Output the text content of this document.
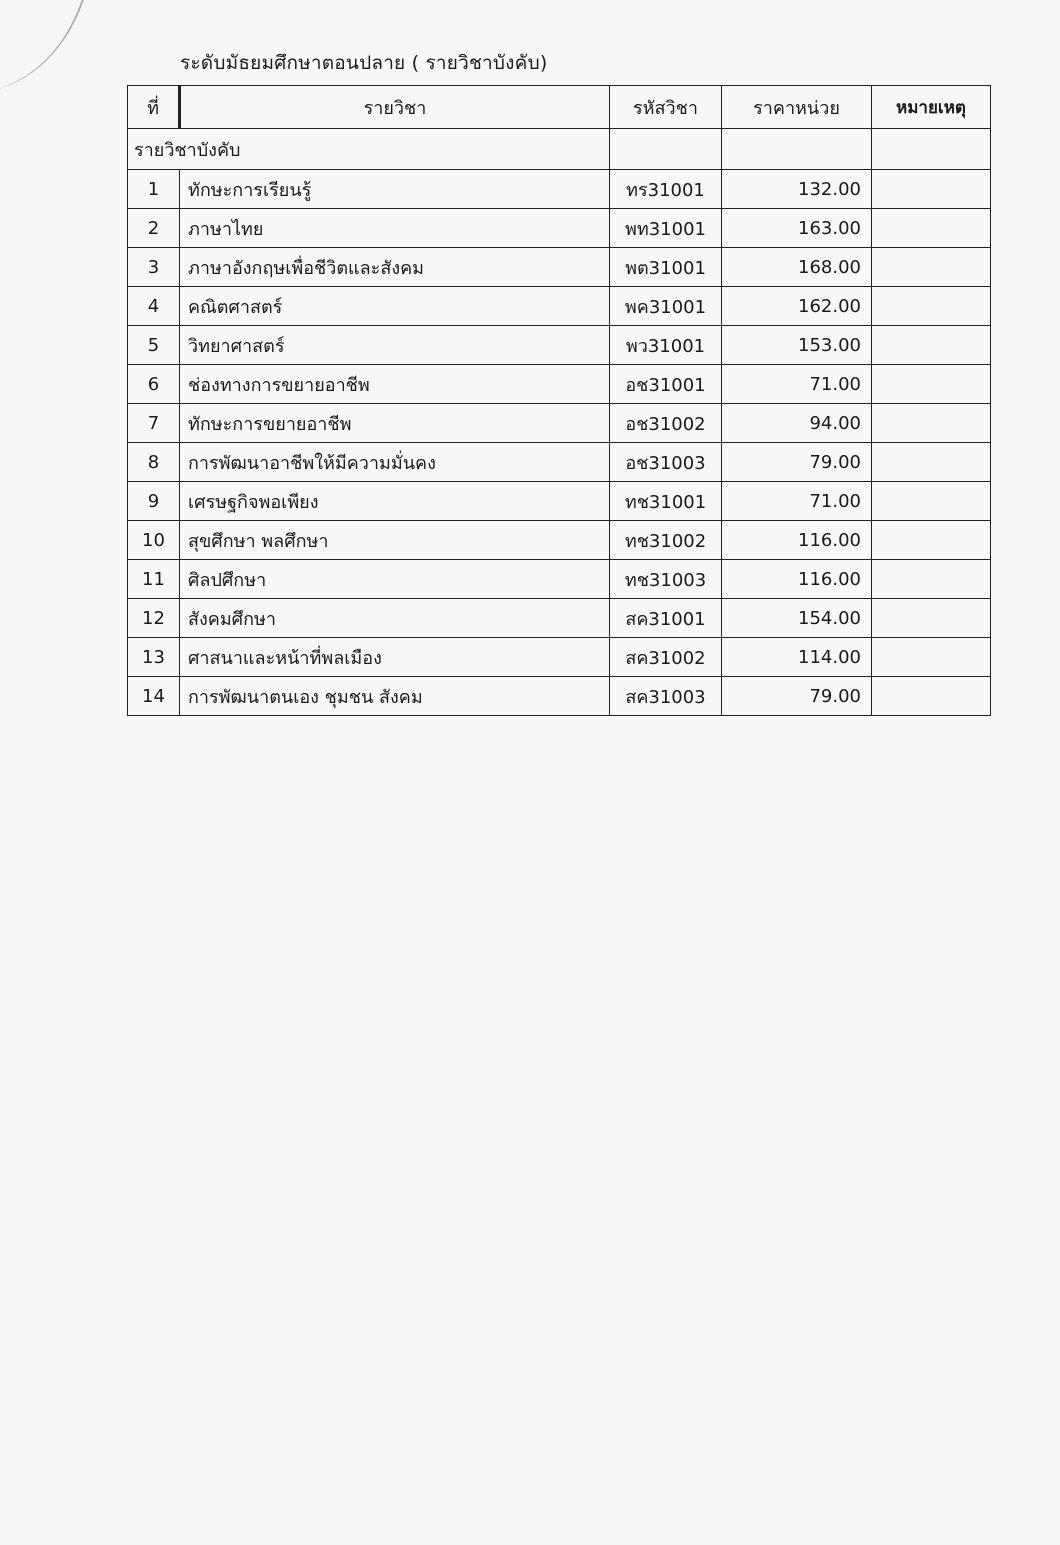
ระดับมัธยมศึกษาตอนปลาย ( รายวิชาบังคับ)
ที่	รายวิชา	รหัสวิชา	ราคาหน่วย	หมายเหตุ
รายวิชาบังคับ				
1	ทักษะการเรียนรู้	ทร31001	132.00	
2	ภาษาไทย	พท31001	163.00	
3	ภาษาอังกฤษเพื่อชีวิตและสังคม	พต31001	168.00	
4	คณิตศาสตร์	พค31001	162.00	
5	วิทยาศาสตร์	พว31001	153.00	
6	ช่องทางการขยายอาชีพ	อช31001	71.00	
7	ทักษะการขยายอาชีพ	อช31002	94.00	
8	การพัฒนาอาชีพให้มีความมั่นคง	อช31003	79.00	
9	เศรษฐกิจพอเพียง	ทช31001	71.00	
10	สุขศึกษา พลศึกษา	ทช31002	116.00	
11	ศิลปศึกษา	ทช31003	116.00	
12	สังคมศึกษา	สค31001	154.00	
13	ศาสนาและหน้าที่พลเมือง	สค31002	114.00	
14	การพัฒนาตนเอง ชุมชน สังคม	สค31003	79.00	
